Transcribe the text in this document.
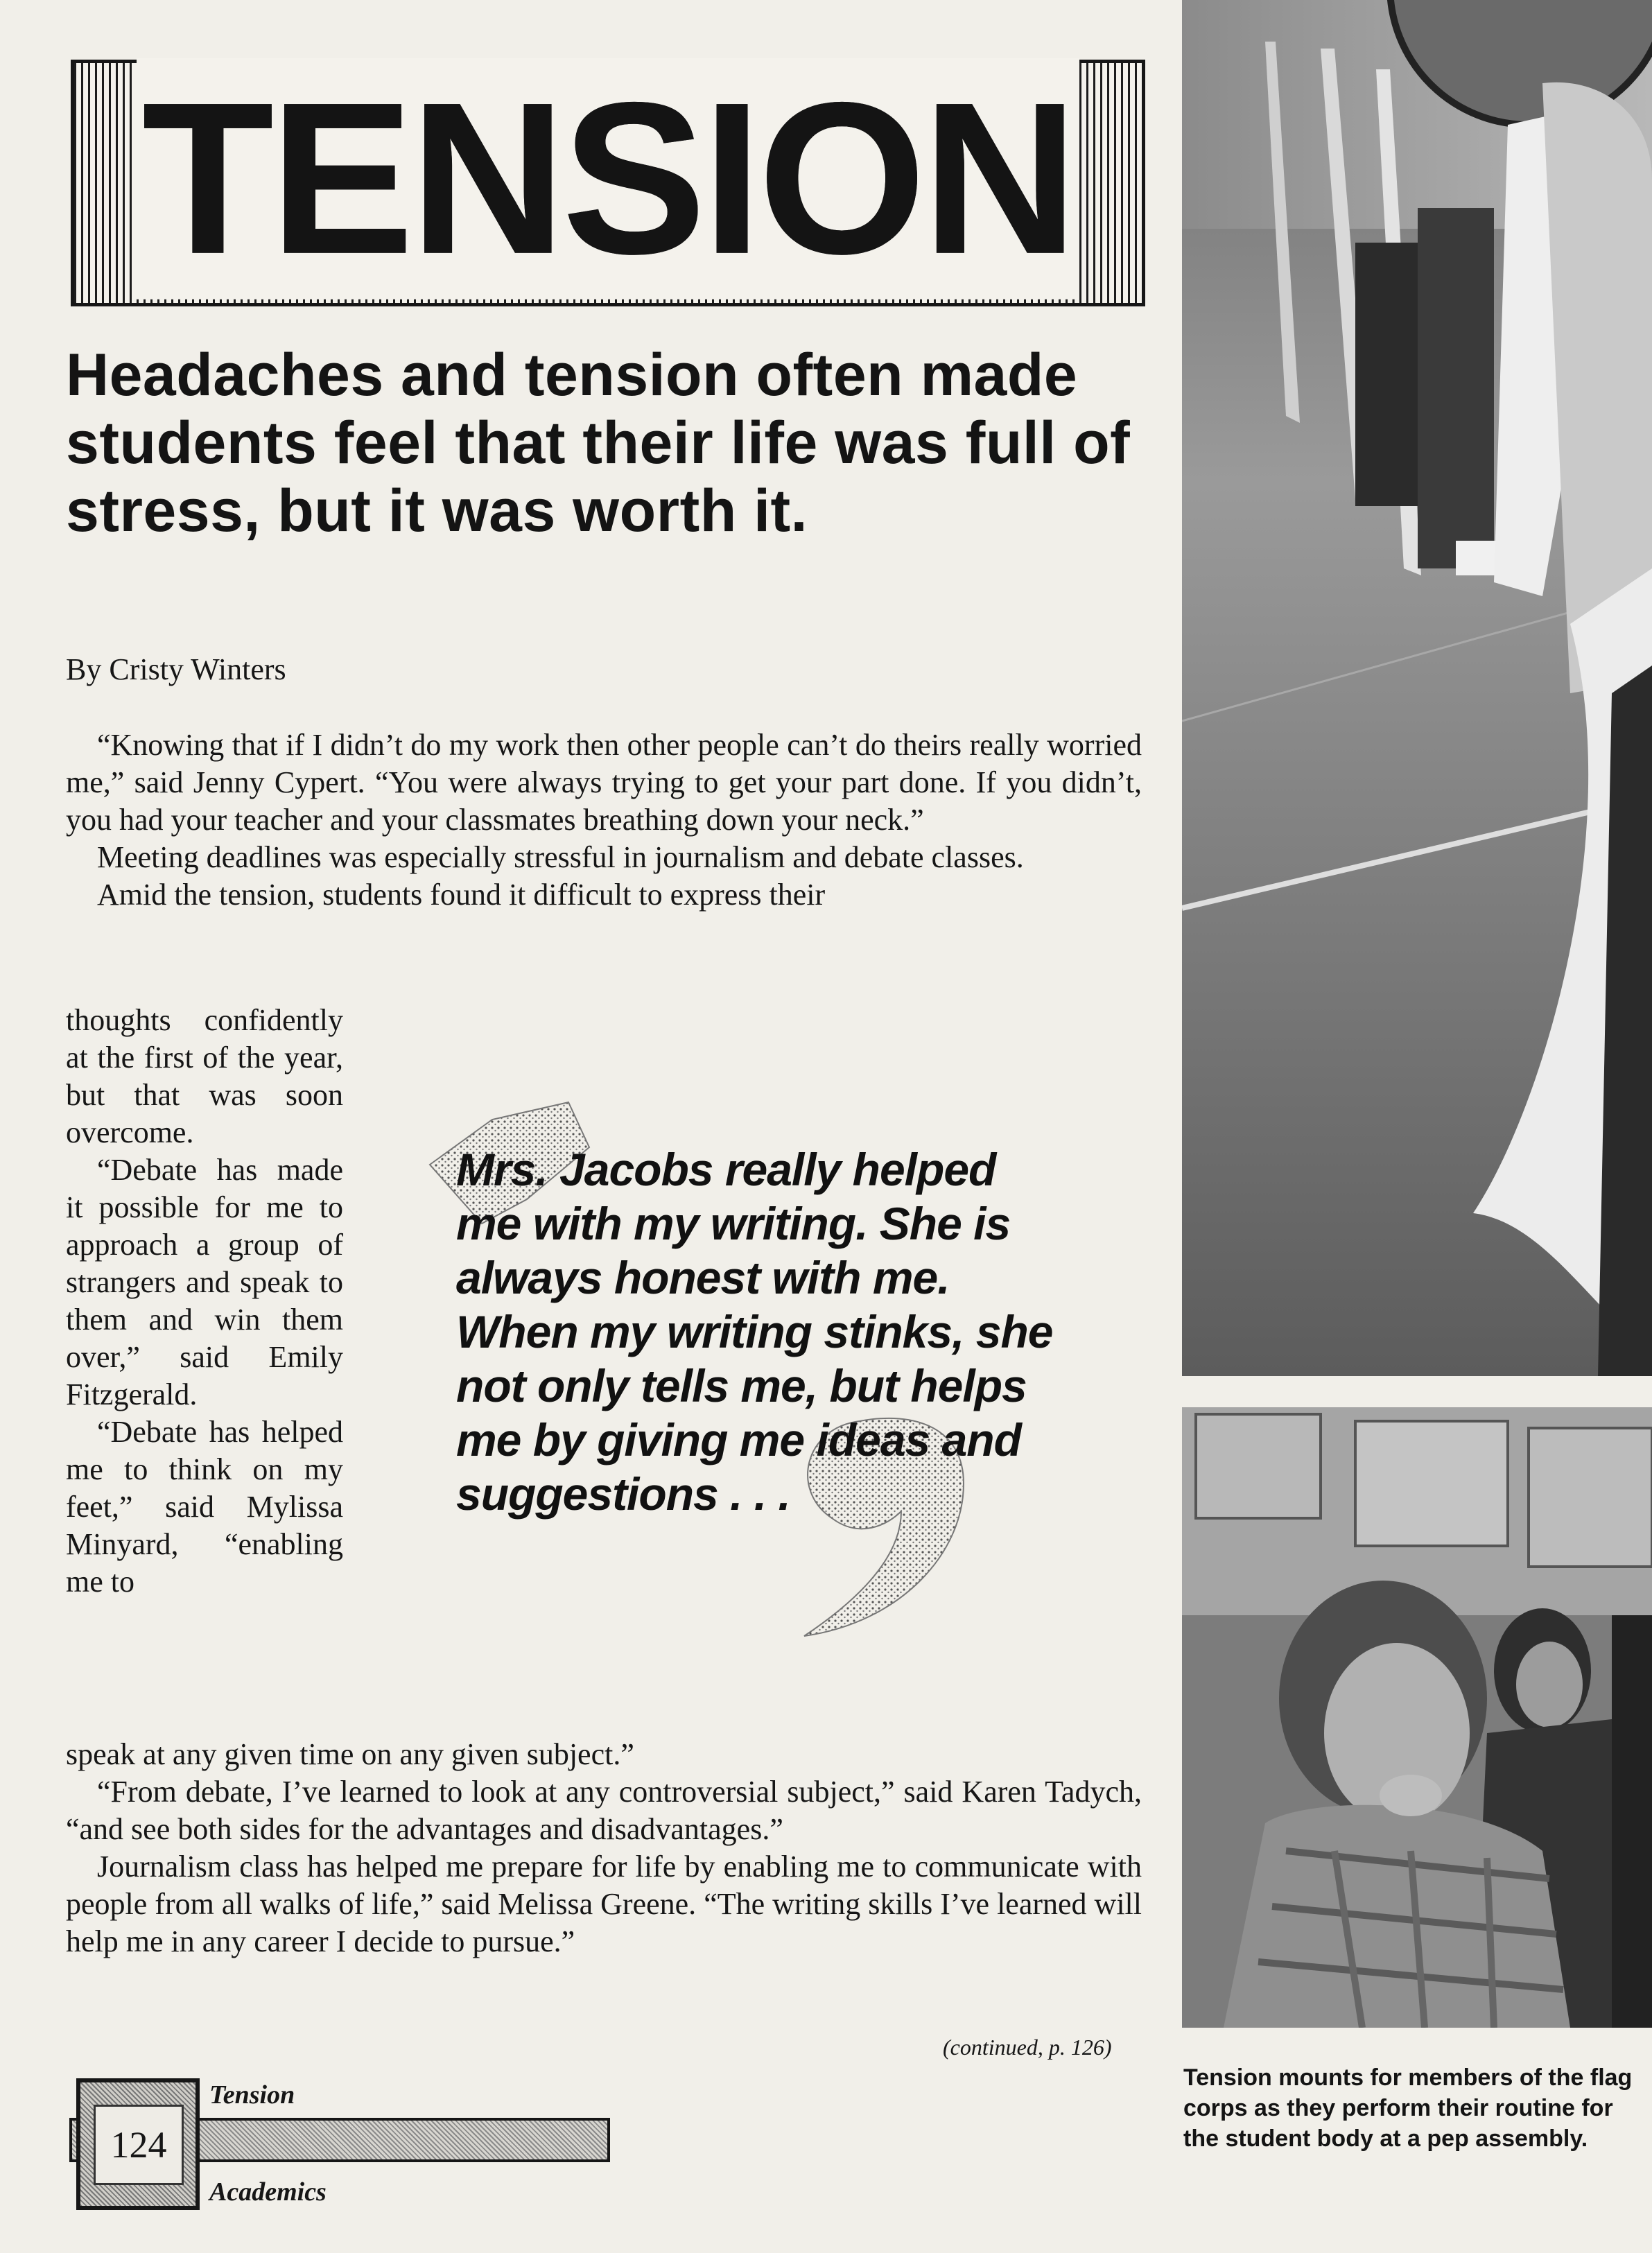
TENSION
Headaches and tension often made students feel that their life was full of stress, but it was worth it.

By Cristy Winters

“Knowing that if I didn’t do my work then other people can’t do theirs really worried me,” said Jenny Cypert. “You were always trying to get your part done. If you didn’t, you had your teacher and your classmates breathing down your neck.”

Meeting deadlines was especially stressful in journalism and debate classes.

Amid the tension, students found it difficult to express their

thoughts confidently at the first of the year, but that was soon overcome.

“Debate has made it possible for me to approach a group of strangers and speak to them and win them over,” said Emily Fitzgerald.

“Debate has helped me to think on my feet,” said Mylissa Minyard, “enabling me to

Mrs. Jacobs really helped me with my writing. She is always honest with me. When my writing stinks, she not only tells me, but helps me by giving me ideas and suggestions . . .

speak at any given time on any given subject.”

“From debate, I’ve learned to look at any controversial subject,” said Karen Tadych, “and see both sides for the advantages and disadvantages.”

Journalism class has helped me prepare for life by enabling me to communicate with people from all walks of life,” said Melissa Greene. “The writing skills I’ve learned will help me in any career I decide to pursue.”

(continued, p. 126)
124
Tension
Academics

Tension mounts for members of the flag corps as they perform their routine for the student body at a pep assembly.
